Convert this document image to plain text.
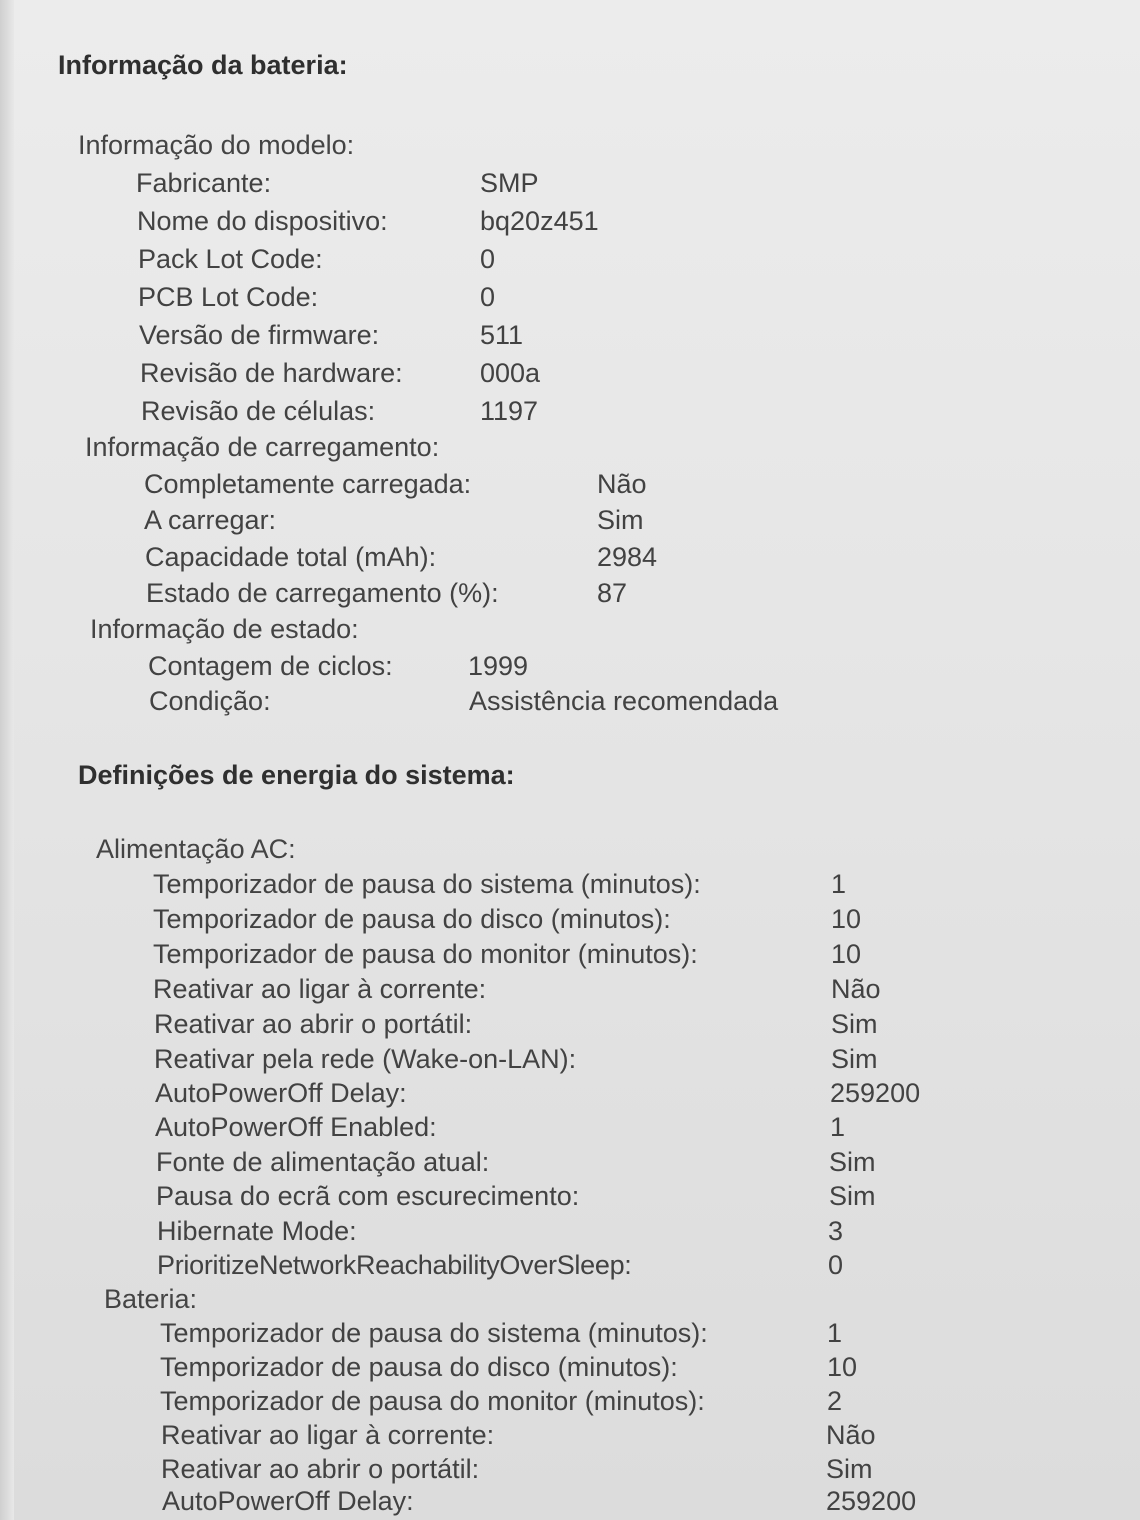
Informação da bateria:
Informação do modelo:
Fabricante:	SMP
Nome do dispositivo:	bq20z451
Pack Lot Code:	0
PCB Lot Code:	0
Versão de firmware:	511
Revisão de hardware:	000a
Revisão de células:	1197
Informação de carregamento:
Completamente carregada:	Não
A carregar:	Sim
Capacidade total (mAh):	2984
Estado de carregamento (%):	87
Informação de estado:
Contagem de ciclos:	1999
Condição:	Assistência recomendada
Definições de energia do sistema:
Alimentação AC:
Temporizador de pausa do sistema (minutos):	1
Temporizador de pausa do disco (minutos):	10
Temporizador de pausa do monitor (minutos):	10
Reativar ao ligar à corrente:	Não
Reativar ao abrir o portátil:	Sim
Reativar pela rede (Wake-on-LAN):	Sim
AutoPowerOff Delay:	259200
AutoPowerOff Enabled:	1
Fonte de alimentação atual:	Sim
Pausa do ecrã com escurecimento:	Sim
Hibernate Mode:	3
PrioritizeNetworkReachabilityOverSleep:	0
Bateria:
Temporizador de pausa do sistema (minutos):	1
Temporizador de pausa do disco (minutos):	10
Temporizador de pausa do monitor (minutos):	2
Reativar ao ligar à corrente:	Não
Reativar ao abrir o portátil:	Sim
AutoPowerOff Delay:	259200
